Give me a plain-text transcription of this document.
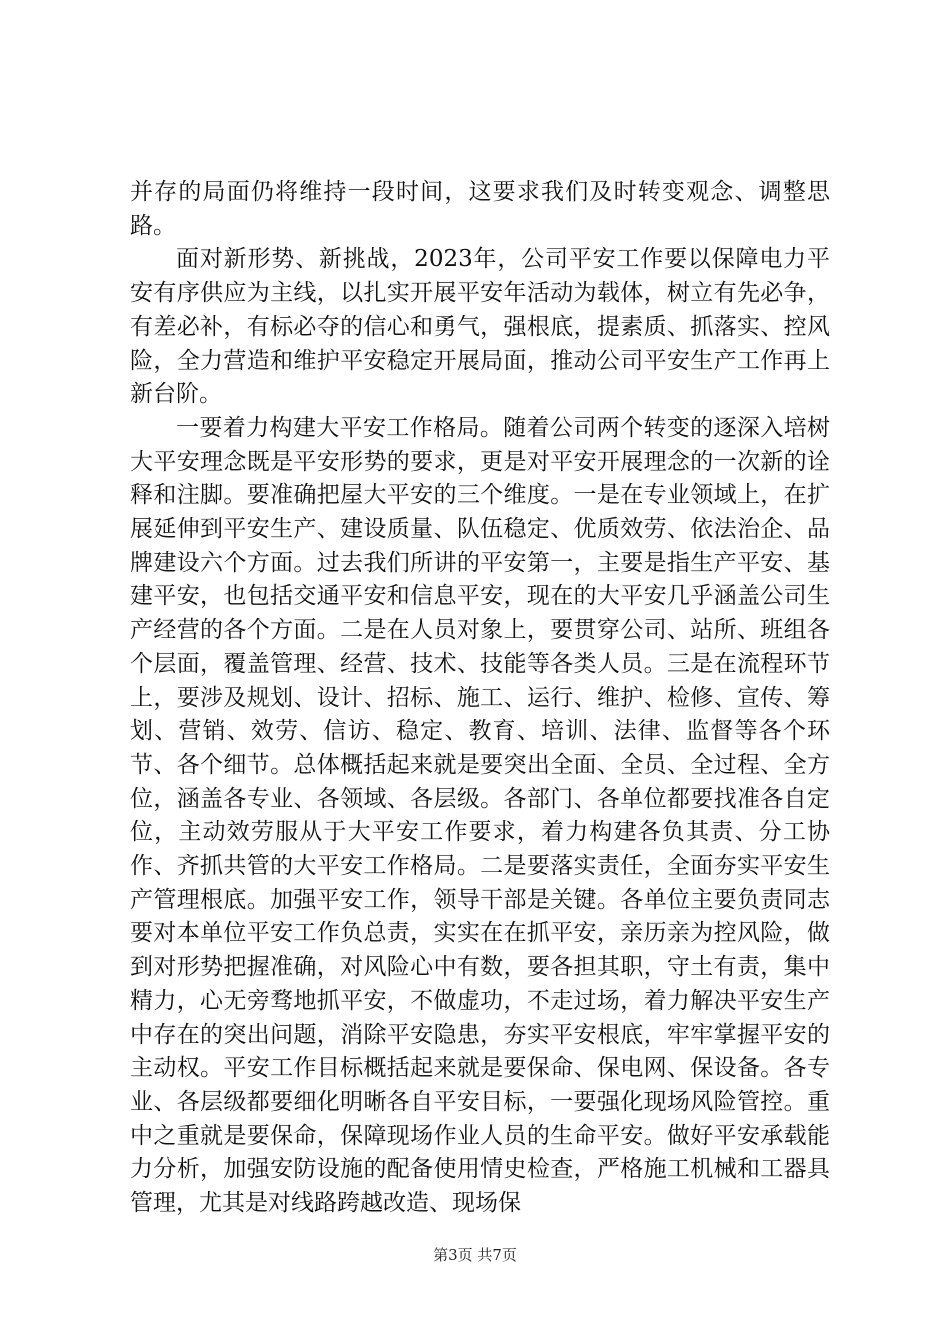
并存的局面仍将维持一段时间，这要求我们及时转变观念、调整思路。

面对新形势、新挑战，2023年，公司平安工作要以保障电力平安有序供应为主线，以扎实开展平安年活动为载体，树立有先必争，有差必补，有标必夺的信心和勇气，强根底，提素质、抓落实、控风险，全力营造和维护平安稳定开展局面，推动公司平安生产工作再上新台阶。

一要着力构建大平安工作格局。随着公司两个转变的逐深入培树大平安理念既是平安形势的要求，更是对平安开展理念的一次新的诠释和注脚。要准确把屋大平安的三个维度。一是在专业领域上，在扩展延伸到平安生产、建设质量、队伍稳定、优质效劳、依法治企、品牌建设六个方面。过去我们所讲的平安第一，主要是指生产平安、基建平安，也包括交通平安和信息平安，现在的大平安几乎涵盖公司生产经营的各个方面。二是在人员对象上，要贯穿公司、站所、班组各个层面，覆盖管理、经营、技术、技能等各类人员。三是在流程环节上，要涉及规划、设计、招标、施工、运行、维护、检修、宣传、筹划、营销、效劳、信访、稳定、教育、培训、法律、监督等各个环节、各个细节。总体概括起来就是要突出全面、全员、全过程、全方位，涵盖各专业、各领域、各层级。各部门、各单位都要找准各自定位，主动效劳服从于大平安工作要求，着力构建各负其责、分工协作、齐抓共管的大平安工作格局。二是要落实责任，全面夯实平安生产管理根底。加强平安工作，领导干部是关键。各单位主要负责同志要对本单位平安工作负总责，实实在在抓平安，亲历亲为控风险，做到对形势把握准确，对风险心中有数，要各担其职，守土有责，集中精力，心无旁骛地抓平安，不做虚功，不走过场，着力解决平安生产中存在的突出问题，消除平安隐患，夯实平安根底，牢牢掌握平安的主动权。平安工作目标概括起来就是要保命、保电网、保设备。各专业、各层级都要细化明晰各自平安目标，一要强化现场风险管控。重中之重就是要保命，保障现场作业人员的生命平安。做好平安承载能力分析，加强安防设施的配备使用情史检查，严格施工机械和工器具管理，尤其是对线路跨越改造、现场保

第3页 共7页
